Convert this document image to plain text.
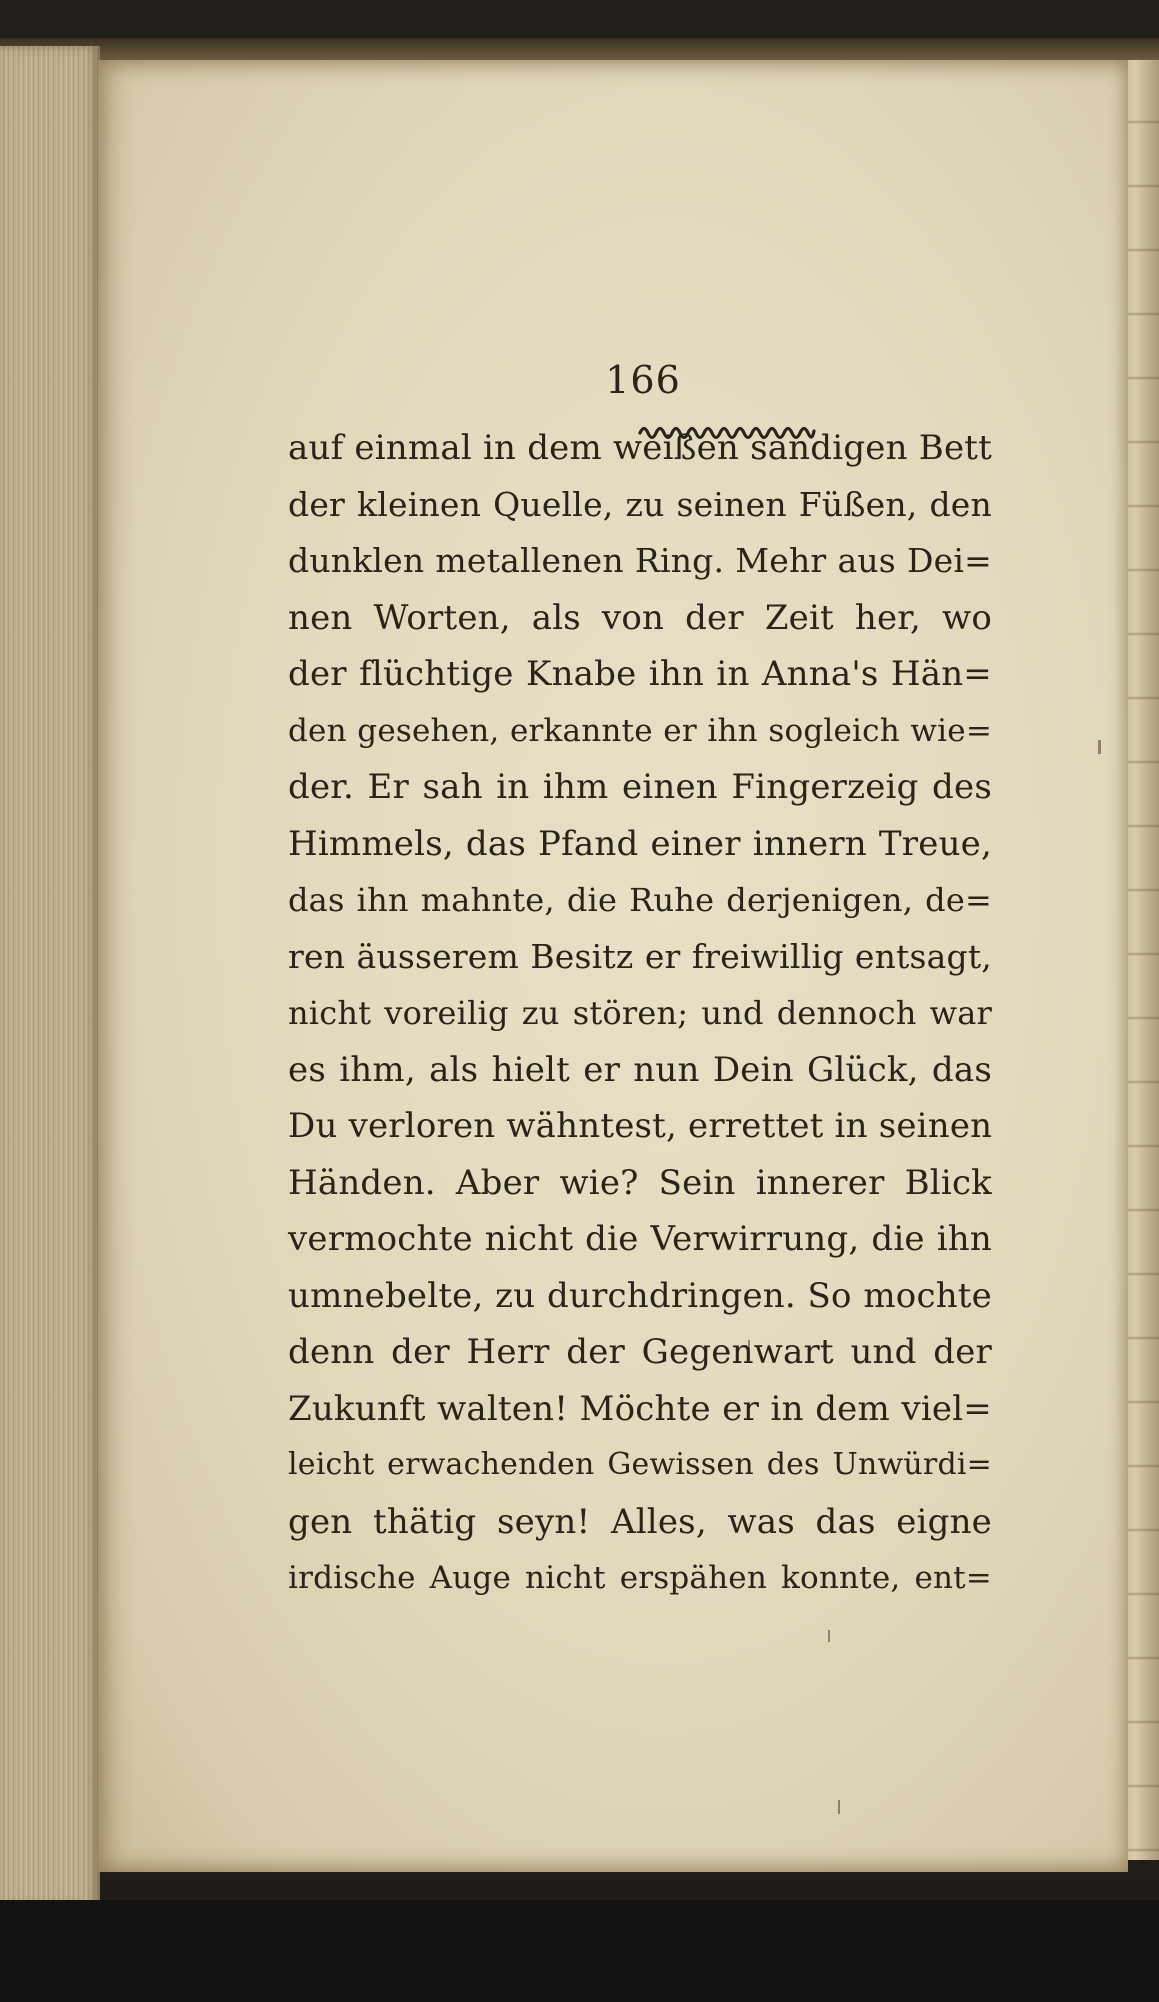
166
auf einmal in dem weißen sandigen Bett
der kleinen Quelle, zu seinen Füßen, den
dunklen metallenen Ring. Mehr aus Dei=
nen Worten, als von der Zeit her, wo
der flüchtige Knabe ihn in Anna's Hän=
den gesehen, erkannte er ihn sogleich wie=
der. Er sah in ihm einen Fingerzeig des
Himmels, das Pfand einer innern Treue,
das ihn mahnte, die Ruhe derjenigen, de=
ren äusserem Besitz er freiwillig entsagt,
nicht voreilig zu stören; und dennoch war
es ihm, als hielt er nun Dein Glück, das
Du verloren wähntest, errettet in seinen
Händen. Aber wie? Sein innerer Blick
vermochte nicht die Verwirrung, die ihn
umnebelte, zu durchdringen. So mochte
denn der Herr der Gegenwart und der
Zukunft walten! Möchte er in dem viel=
leicht erwachenden Gewissen des Unwürdi=
gen thätig seyn! Alles, was das eigne
irdische Auge nicht erspähen konnte, ent=
